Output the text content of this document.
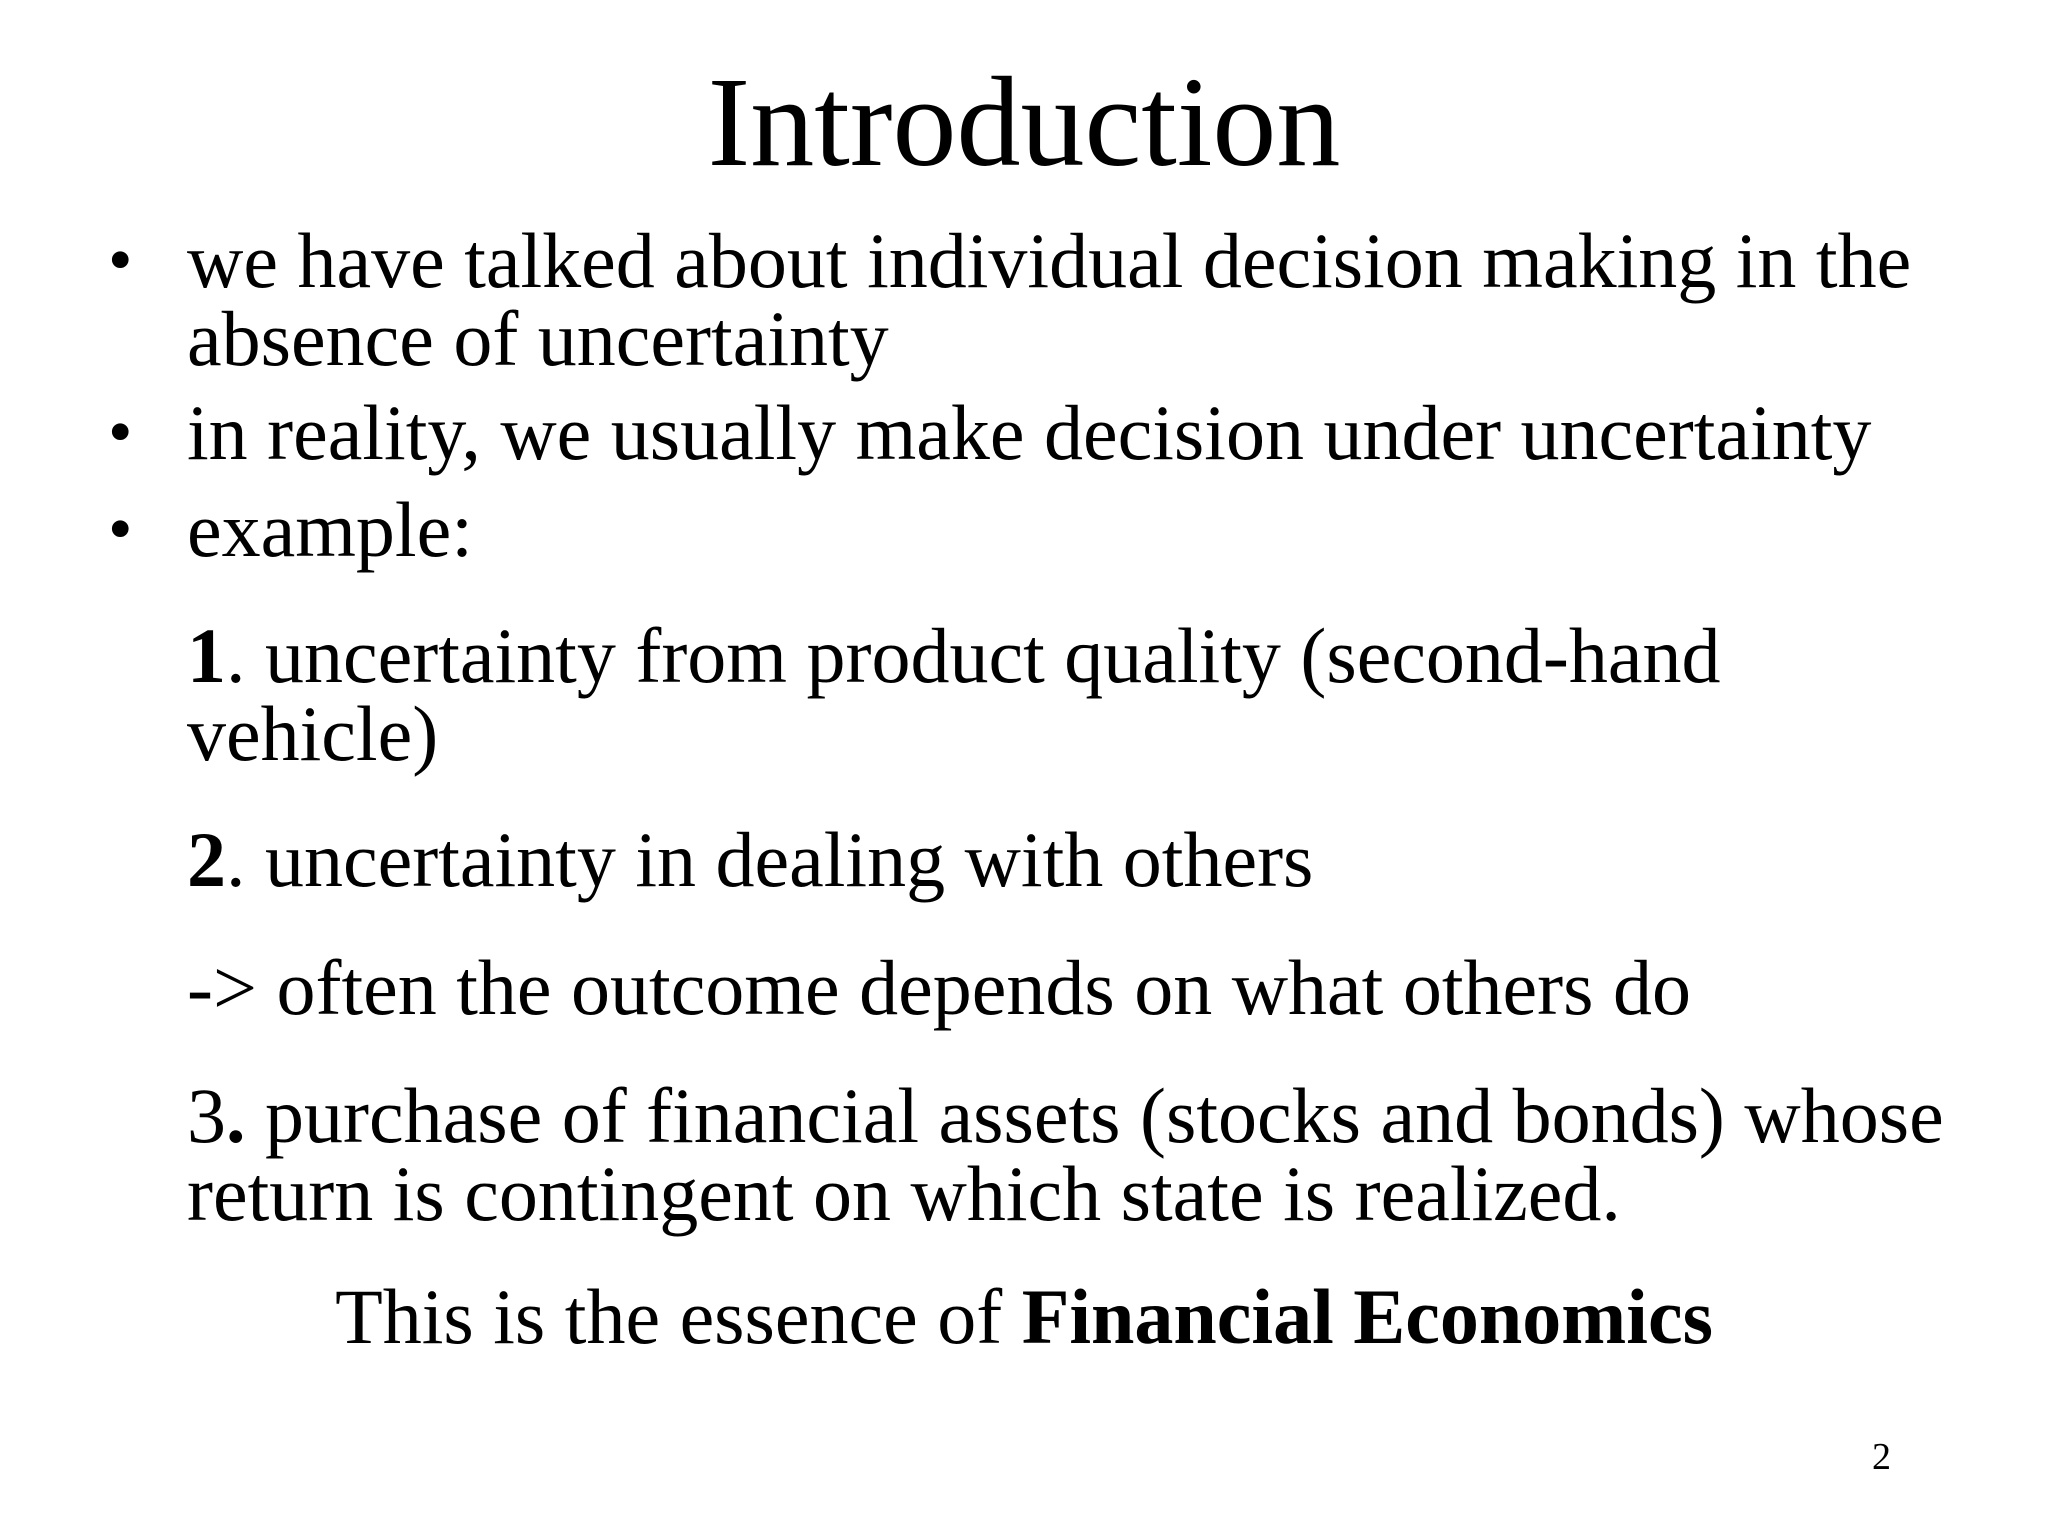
Introduction
• we have talked about individual decision making in the absence of uncertainty
• in reality, we usually make decision under uncertainty
• example:
1. uncertainty from product quality (second-hand vehicle)
2. uncertainty in dealing with others
-> often the outcome depends on what others do
3. purchase of financial assets (stocks and bonds) whose return is contingent on which state is realized.
This is the essence of Financial Economics
2
